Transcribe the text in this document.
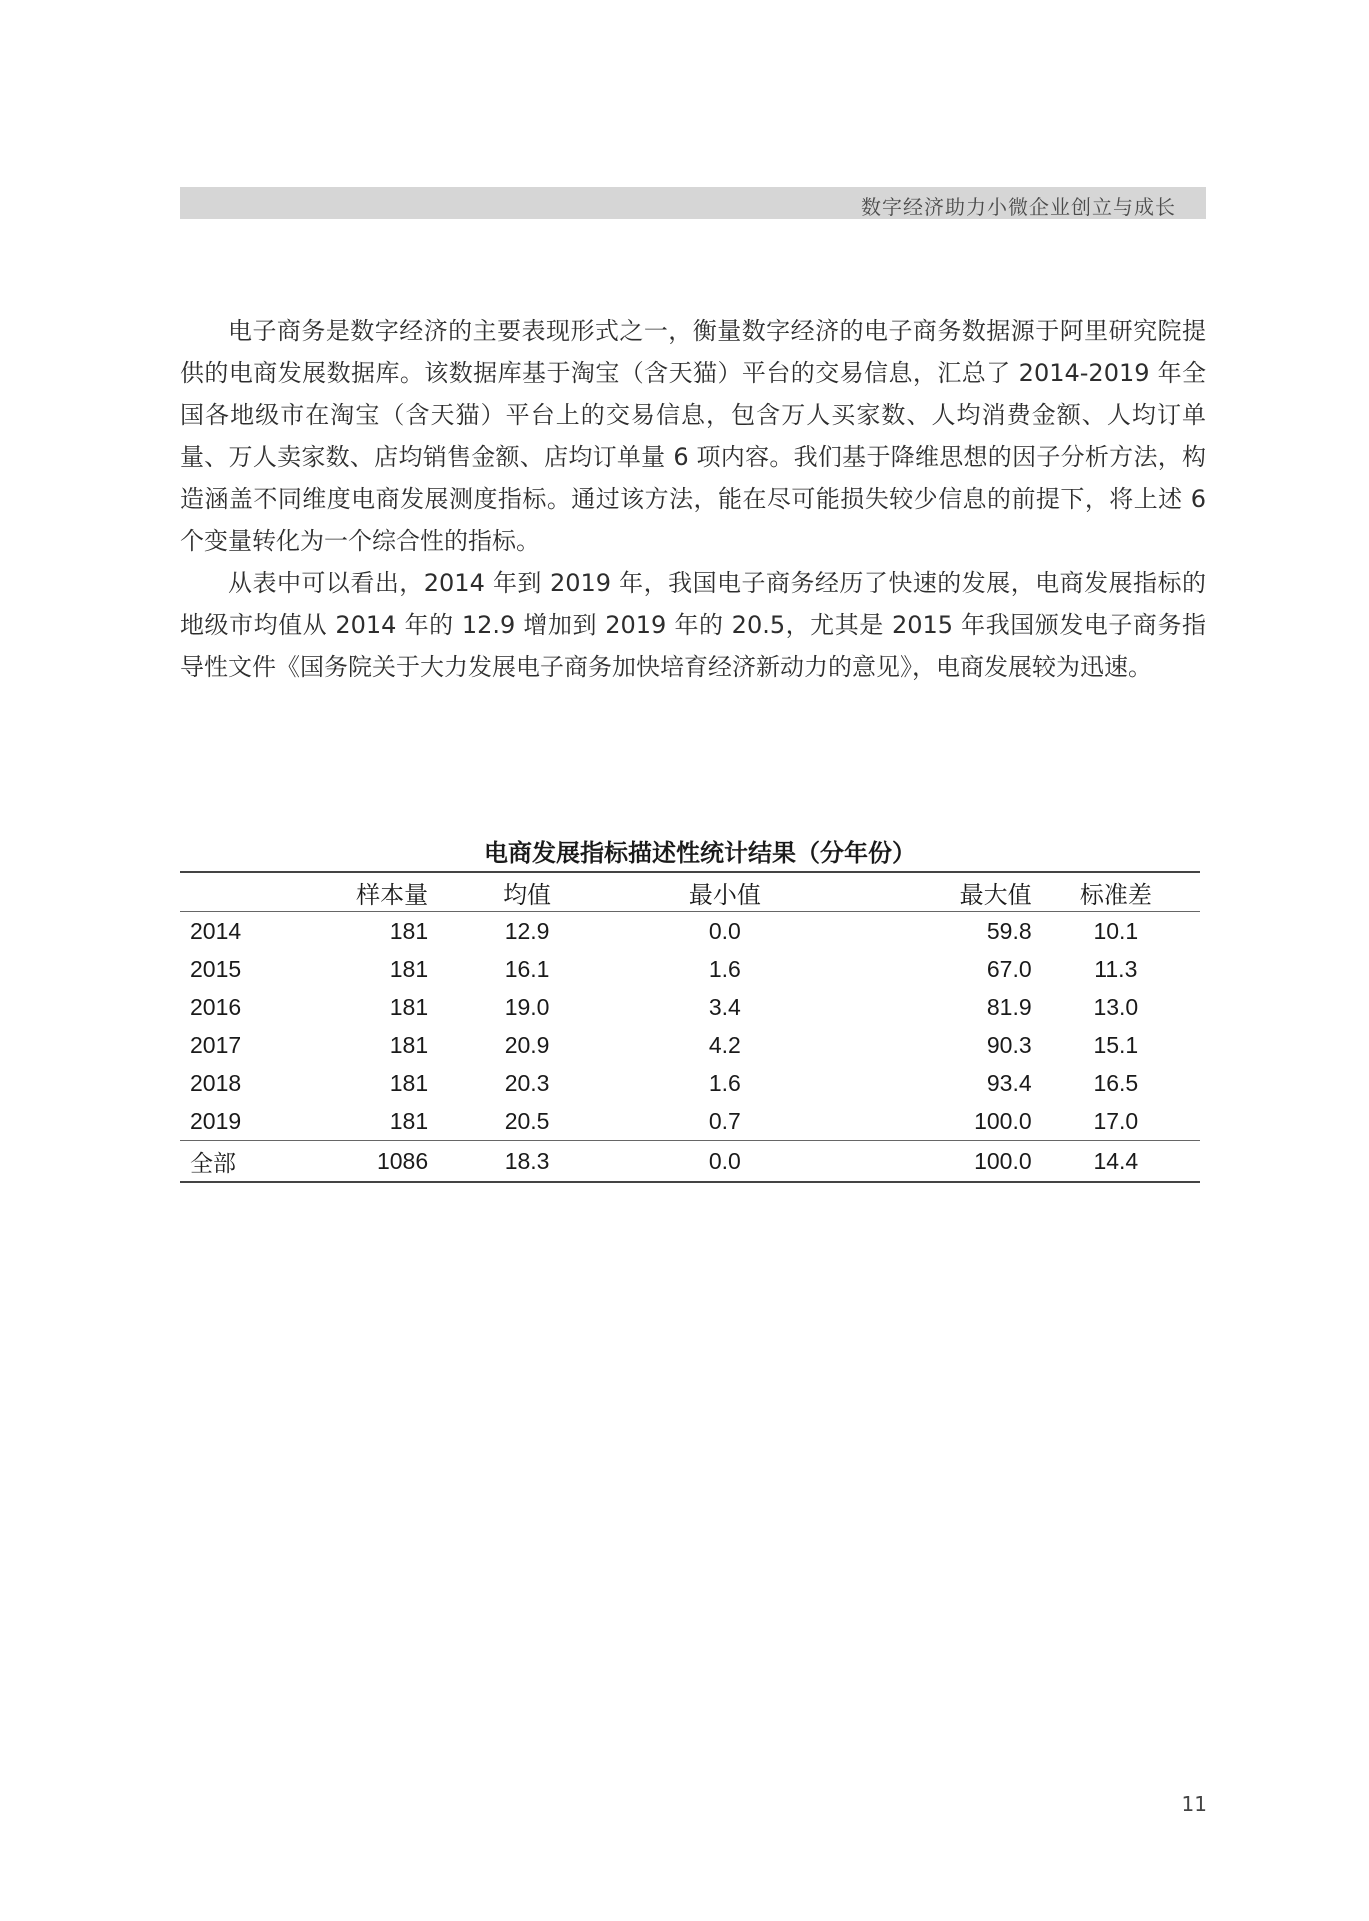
数字经济助力小微企业创立与成长

电子商务是数字经济的主要表现形式之一，衡量数字经济的电子商务数据源于阿里研究院提供的电商发展数据库。该数据库基于淘宝（含天猫）平台的交易信息，汇总了 2014-2019 年全国各地级市在淘宝（含天猫）平台上的交易信息，包含万人买家数、人均消费金额、人均订单量、万人卖家数、店均销售金额、店均订单量 6 项内容。我们基于降维思想的因子分析方法，构造涵盖不同维度电商发展测度指标。通过该方法，能在尽可能损失较少信息的前提下，将上述 6 个变量转化为一个综合性的指标。

从表中可以看出，2014 年到 2019 年，我国电子商务经历了快速的发展，电商发展指标的地级市均值从 2014 年的 12.9 增加到 2019 年的 20.5，尤其是 2015 年我国颁发电子商务指导性文件《国务院关于大力发展电子商务加快培育经济新动力的意见》，电商发展较为迅速。

电商发展指标描述性统计结果（分年份）
	样本量	均值	最小值	最大值	标准差
2014	181	12.9	0.0	59.8	10.1
2015	181	16.1	1.6	67.0	11.3
2016	181	19.0	3.4	81.9	13.0
2017	181	20.9	4.2	90.3	15.1
2018	181	20.3	1.6	93.4	16.5
2019	181	20.5	0.7	100.0	17.0
全部	1086	18.3	0.0	100.0	14.4
11
